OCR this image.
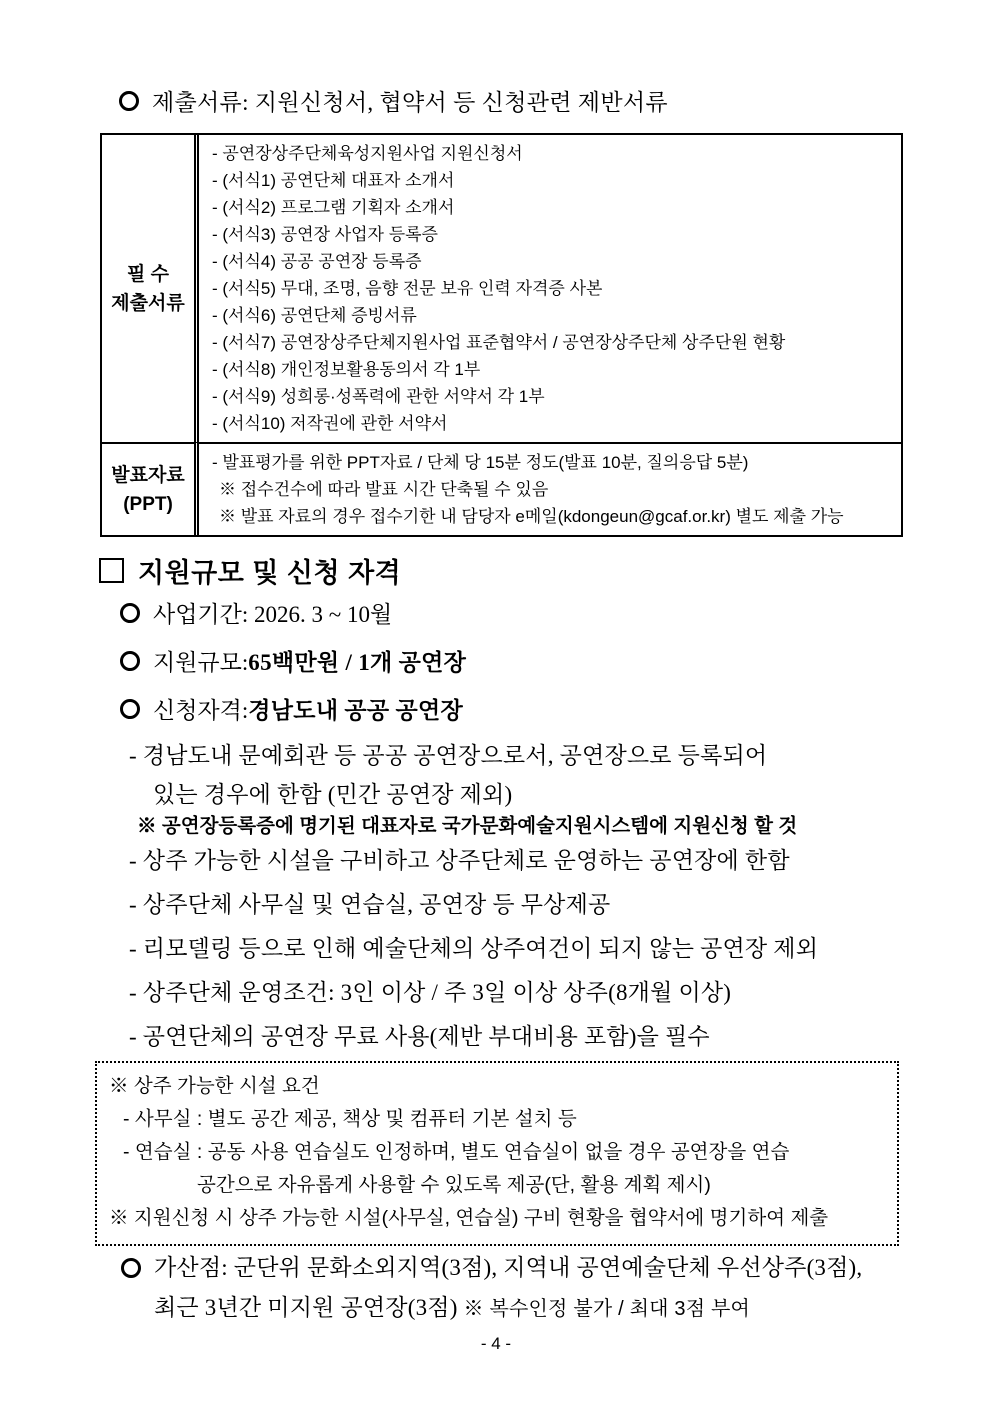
제출서류: 지원신청서, 협약서 등 신청관련 제반서류
필 수
제출서류
- 공연장상주단체육성지원사업 지원신청서
- (서식1) 공연단체 대표자 소개서
- (서식2) 프로그램 기획자 소개서
- (서식3) 공연장 사업자 등록증
- (서식4) 공공 공연장 등록증
- (서식5) 무대, 조명, 음향 전문 보유 인력 자격증 사본
- (서식6) 공연단체 증빙서류
- (서식7) 공연장상주단체지원사업 표준협약서 / 공연장상주단체 상주단원 현황
- (서식8) 개인정보활용동의서 각 1부
- (서식9) 성희롱·성폭력에 관한 서약서 각 1부
- (서식10) 저작권에 관한 서약서
발표자료
(PPT)
- 발표평가를 위한 PPT자료 / 단체 당 15분 정도(발표 10분, 질의응답 5분)
※ 접수건수에 따라 발표 시간 단축될 수 있음
※ 발표 자료의 경우 접수기한 내 담당자 e메일(kdongeun@gcaf.or.kr) 별도 제출 가능
지원규모 및 신청 자격
사업기간: 2026. 3 ~ 10월
지원규모: 65백만원 / 1개 공연장
신청자격: 경남도내 공공 공연장
- 경남도내 문예회관 등 공공 공연장으로서, 공연장으로 등록되어
있는 경우에 한함 (민간 공연장 제외)
※ 공연장등록증에 명기된 대표자로 국가문화예술지원시스템에 지원신청 할 것
- 상주 가능한 시설을 구비하고 상주단체로 운영하는 공연장에 한함
- 상주단체 사무실 및 연습실, 공연장 등 무상제공
- 리모델링 등으로 인해 예술단체의 상주여건이 되지 않는 공연장 제외
- 상주단체 운영조건: 3인 이상 / 주 3일 이상 상주(8개월 이상)
- 공연단체의 공연장 무료 사용(제반 부대비용 포함)을 필수
※ 상주 가능한 시설 요건
- 사무실 : 별도 공간 제공, 책상 및 컴퓨터 기본 설치 등
- 연습실 : 공동 사용 연습실도 인정하며, 별도 연습실이 없을 경우 공연장을 연습
공간으로 자유롭게 사용할 수 있도록 제공(단, 활용 계획 제시)
※ 지원신청 시 상주 가능한 시설(사무실, 연습실) 구비 현황을 협약서에 명기하여 제출
가산점: 군단위 문화소외지역(3점), 지역내 공연예술단체 우선상주(3점),
최근 3년간 미지원 공연장(3점) ※ 복수인정 불가 / 최대 3점 부여
- 4 -
